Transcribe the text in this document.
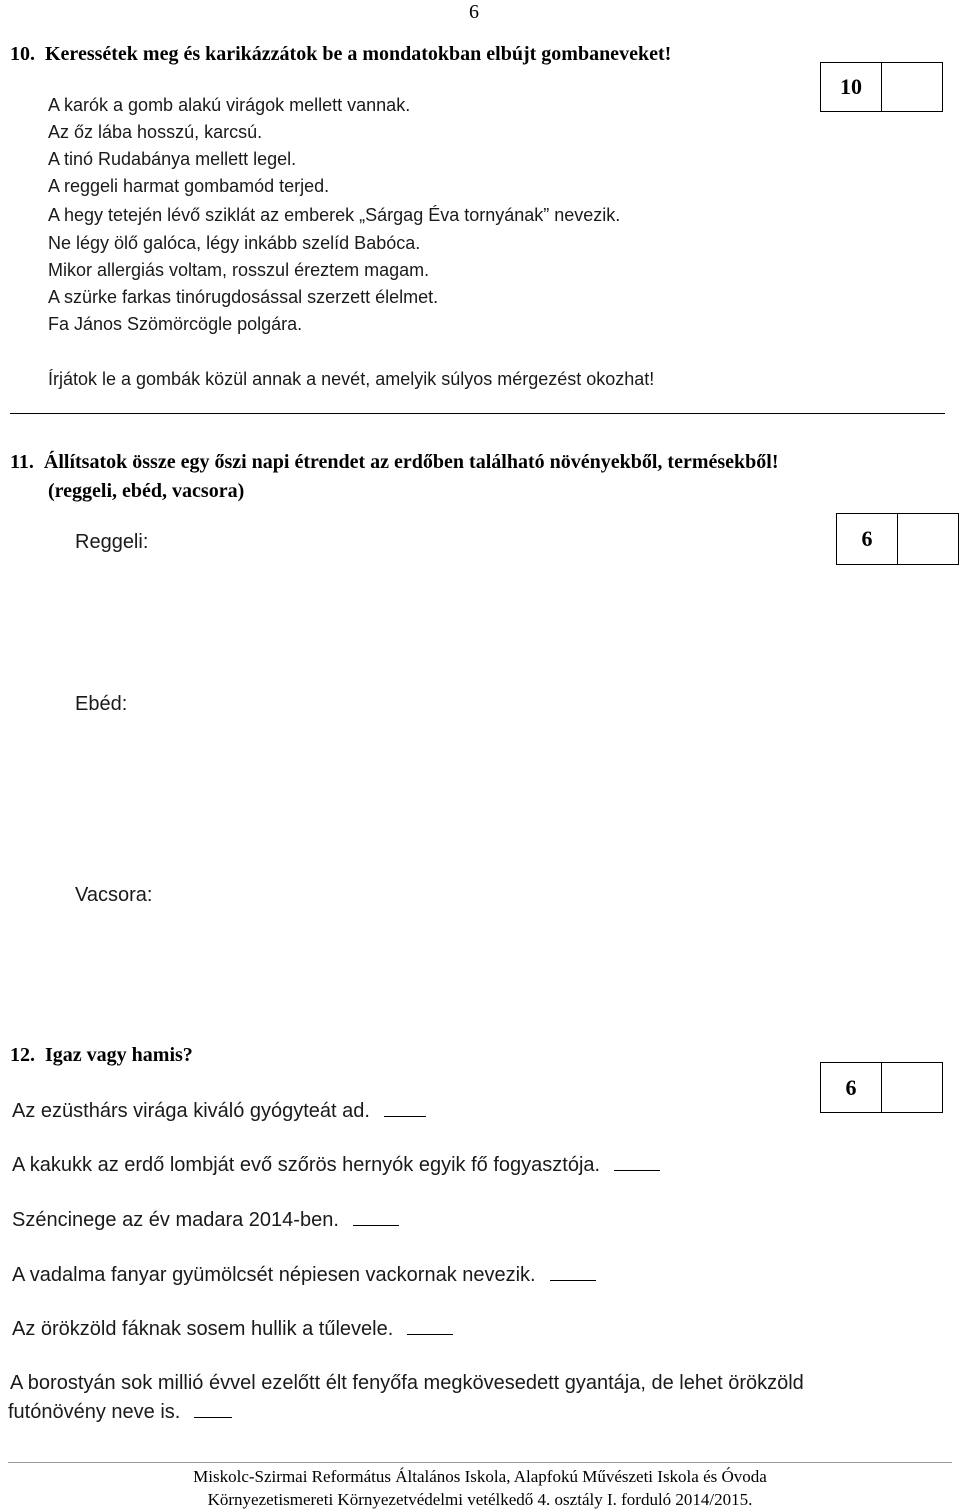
6
10. Keressétek meg és karikázzátok be a mondatokban elbújt gombaneveket!
A karók a gomb alakú virágok mellett vannak.
Az őz lába hosszú, karcsú.
A tinó Rudabánya mellett legel.
A reggeli harmat gombamód terjed.
A hegy tetején lévő sziklát az emberek „Sárgag Éva tornyának” nevezik.
Ne légy ölő galóca, légy inkább szelíd Babóca.
Mikor allergiás voltam, rosszul éreztem magam.
A szürke farkas tinórugdosással szerzett élelmet.
Fa János Szömörcögle polgára.
Írjátok le a gombák közül annak a nevét, amelyik súlyos mérgezést okozhat!
10
11. Állítsatok össze egy őszi napi étrendet az erdőben található növényekből, termésekből!
(reggeli, ebéd, vacsora)
6
Reggeli:
Ebéd:
Vacsora:
12. Igaz vagy hamis?
6
Az ezüsthárs virága kiváló gyógyteát ad.
A kakukk az erdő lombját evő szőrös hernyók egyik fő fogyasztója.
Széncinege az év madara 2014-ben.
A vadalma fanyar gyümölcsét népiesen vackornak nevezik.
Az örökzöld fáknak sosem hullik a tűlevele.
A borostyán sok millió évvel ezelőtt élt fenyőfa megkövesedett gyantája, de lehet örökzöld
futónövény neve is.
Miskolc-Szirmai Református Általános Iskola, Alapfokú Művészeti Iskola és Óvoda
Környezetismereti Környezetvédelmi vetélkedő 4. osztály I. forduló 2014/2015.
